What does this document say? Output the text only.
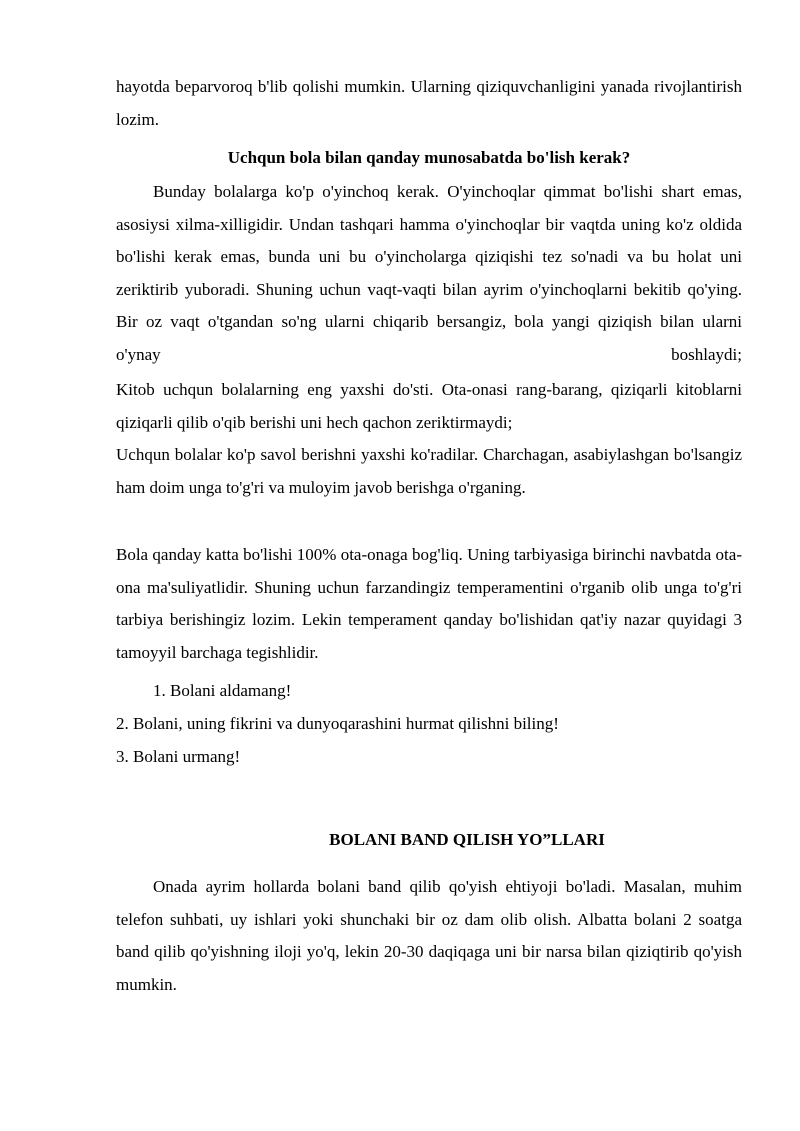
hayotda beparvoroq b'lib qolishi mumkin. Ularning qiziquvchanligini yanada rivojlantirish lozim.
Uchqun bola bilan qanday munosabatda bo'lish kerak?
Bunday bolalarga ko'p o'yinchoq kerak. O'yinchoqlar qimmat bo'lishi shart emas, asosiysi xilma-xilligidir. Undan tashqari hamma o'yinchoqlar bir vaqtda uning ko'z oldida bo'lishi kerak emas, bunda uni bu o'yincholarga qiziqishi tez so'nadi va bu holat uni zeriktirib yuboradi. Shuning uchun vaqt-vaqti bilan ayrim o'yinchoqlarni bekitib qo'ying. Bir oz vaqt o'tgandan so'ng ularni chiqarib bersangiz, bola yangi qiziqish bilan ularni o'ynay boshlaydi;
Kitob uchqun bolalarning eng yaxshi do'sti. Ota-onasi rang-barang, qiziqarli kitoblarni qiziqarli qilib o'qib berishi uni hech qachon zeriktirmaydi;
Uchqun bolalar ko'p savol berishni yaxshi ko'radilar. Charchagan, asabiylashgan bo'lsangiz ham doim unga to'g'ri va muloyim javob berishga o'rganing.
Bola qanday katta bo'lishi 100% ota-onaga bog'liq. Uning tarbiyasiga birinchi navbatda ota-ona ma'suliyatlidir. Shuning uchun farzandingiz temperamentini o'rganib olib unga to'g'ri tarbiya berishingiz lozim. Lekin temperament qanday bo'lishidan qat'iy nazar quyidagi 3 tamoyyil barchaga tegishlidir.
1. Bolani aldamang!
2. Bolani, uning fikrini va dunyoqarashini hurmat qilishni biling!
3. Bolani urmang!
BOLANI BAND QILISH YO”LLARI
Onada ayrim hollarda bolani band qilib qo'yish ehtiyoji bo'ladi. Masalan, muhim telefon suhbati, uy ishlari yoki shunchaki bir oz dam olib olish. Albatta bolani 2 soatga band qilib qo'yishning iloji yo'q, lekin 20-30 daqiqaga uni bir narsa bilan qiziqtirib qo'yish mumkin.
